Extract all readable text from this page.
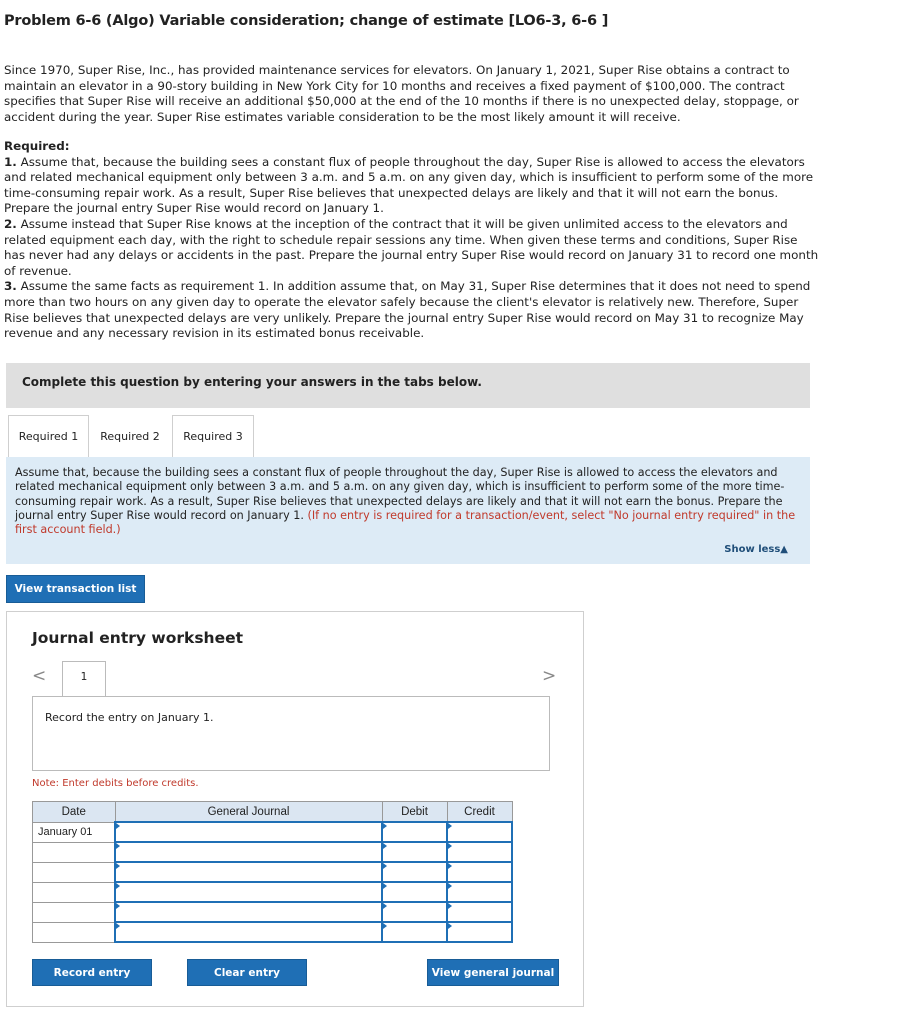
Problem 6-6 (Algo) Variable consideration; change of estimate [LO6-3, 6-6 ]
Since 1970, Super Rise, Inc., has provided maintenance services for elevators. On January 1, 2021, Super Rise obtains a contract to maintain an elevator in a 90-story building in New York City for 10 months and receives a fixed payment of $100,000. The contract specifies that Super Rise will receive an additional $50,000 at the end of the 10 months if there is no unexpected delay, stoppage, or accident during the year. Super Rise estimates variable consideration to be the most likely amount it will receive.
Required:
1. Assume that, because the building sees a constant flux of people throughout the day, Super Rise is allowed to access the elevators and related mechanical equipment only between 3 a.m. and 5 a.m. on any given day, which is insufficient to perform some of the more time-consuming repair work. As a result, Super Rise believes that unexpected delays are likely and that it will not earn the bonus. Prepare the journal entry Super Rise would record on January 1.
2. Assume instead that Super Rise knows at the inception of the contract that it will be given unlimited access to the elevators and related equipment each day, with the right to schedule repair sessions any time. When given these terms and conditions, Super Rise has never had any delays or accidents in the past. Prepare the journal entry Super Rise would record on January 31 to record one month of revenue.
3. Assume the same facts as requirement 1. In addition assume that, on May 31, Super Rise determines that it does not need to spend more than two hours on any given day to operate the elevator safely because the client's elevator is relatively new. Therefore, Super Rise believes that unexpected delays are very unlikely. Prepare the journal entry Super Rise would record on May 31 to recognize May revenue and any necessary revision in its estimated bonus receivable.
Complete this question by entering your answers in the tabs below.
Required 1	Required 2	Required 3
Assume that, because the building sees a constant flux of people throughout the day, Super Rise is allowed to access the elevators and related mechanical equipment only between 3 a.m. and 5 a.m. on any given day, which is insufficient to perform some of the more time-consuming repair work. As a result, Super Rise believes that unexpected delays are likely and that it will not earn the bonus. Prepare the journal entry Super Rise would record on January 1. (If no entry is required for a transaction/event, select "No journal entry required" in the first account field.)
Show less▲
View transaction list
Journal entry worksheet
<	1	>
Record the entry on January 1.
Note: Enter debits before credits.
Date	General Journal	Debit	Credit
January 01			

Record entry	Clear entry	View general journal
